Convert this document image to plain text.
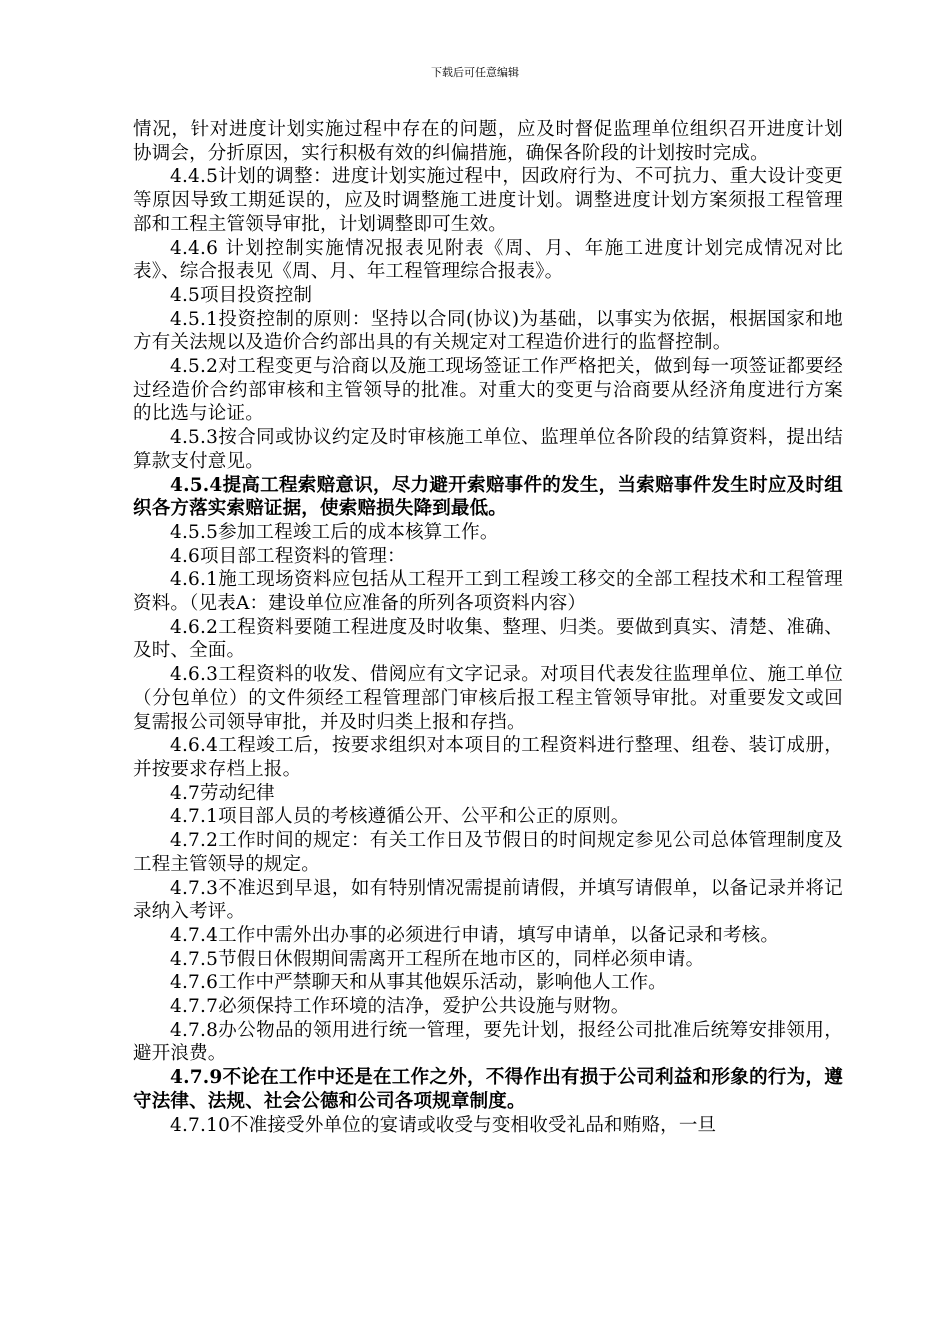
下载后可任意编辑

情况，针对进度计划实施过程中存在的问题，应及时督促监理单位组织召开进度计划协调会，分折原因，实行积极有效的纠偏措施，确保各阶段的计划按时完成。

4.4.5计划的调整：进度计划实施过程中，因政府行为、不可抗力、重大设计变更等原因导致工期延误的，应及时调整施工进度计划。调整进度计划方案须报工程管理部和工程主管领导审批，计划调整即可生效。

4.4.6 计划控制实施情况报表见附表《周、月、年施工进度计划完成情况对比表》、综合报表见《周、月、年工程管理综合报表》。

4.5项目投资控制

4.5.1投资控制的原则：坚持以合同(协议)为基础，以事实为依据，根据国家和地方有关法规以及造价合约部出具的有关规定对工程造价进行的监督控制。

4.5.2对工程变更与洽商以及施工现场签证工作严格把关，做到每一项签证都要经过经造价合约部审核和主管领导的批准。对重大的变更与洽商要从经济角度进行方案的比选与论证。

4.5.3按合同或协议约定及时审核施工单位、监理单位各阶段的结算资料，提出结算款支付意见。

4.5.4提高工程索赔意识，尽力避开索赔事件的发生，当索赔事件发生时应及时组织各方落实索赔证据，使索赔损失降到最低。

4.5.5参加工程竣工后的成本核算工作。

4.6项目部工程资料的管理：

4.6.1施工现场资料应包括从工程开工到工程竣工移交的全部工程技术和工程管理资料。（见表A：建设单位应准备的所列各项资料内容）

4.6.2工程资料要随工程进度及时收集、整理、归类。要做到真实、清楚、准确、及时、全面。

4.6.3工程资料的收发、借阅应有文字记录。对项目代表发往监理单位、施工单位（分包单位）的文件须经工程管理部门审核后报工程主管领导审批。对重要发文或回复需报公司领导审批，并及时归类上报和存挡。

4.6.4工程竣工后，按要求组织对本项目的工程资料进行整理、组卷、装订成册，并按要求存档上报。

4.7劳动纪律

4.7.1项目部人员的考核遵循公开、公平和公正的原则。

4.7.2工作时间的规定：有关工作日及节假日的时间规定参见公司总体管理制度及工程主管领导的规定。

4.7.3不准迟到早退，如有特别情况需提前请假，并填写请假单，以备记录并将记录纳入考评。

4.7.4工作中需外出办事的必须进行申请，填写申请单，以备记录和考核。

4.7.5节假日休假期间需离开工程所在地市区的，同样必须申请。

4.7.6工作中严禁聊天和从事其他娱乐活动，影响他人工作。

4.7.7必须保持工作环境的洁净，爱护公共设施与财物。

4.7.8办公物品的领用进行统一管理，要先计划，报经公司批准后统筹安排领用，避开浪费。

4.7.9不论在工作中还是在工作之外，不得作出有损于公司利益和形象的行为，遵守法律、法规、社会公德和公司各项规章制度。

4.7.10不准接受外单位的宴请或收受与变相收受礼品和贿赂，一旦
